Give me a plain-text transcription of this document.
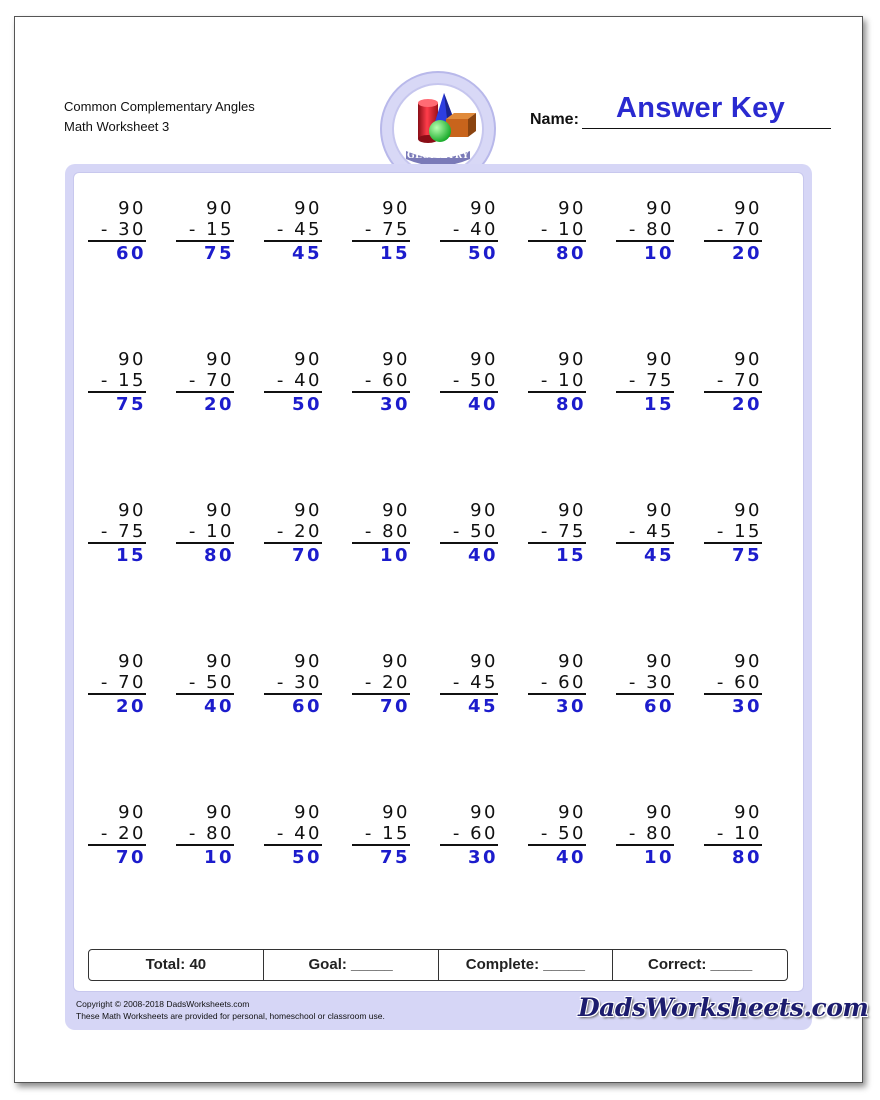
Common Complementary Angles
Math Worksheet 3
GEOMETRY
Name: Answer Key
90
- 30
60
90
- 15
75
90
- 45
45
90
- 75
15
90
- 40
50
90
- 10
80
90
- 80
10
90
- 70
20
90
- 15
75
90
- 70
20
90
- 40
50
90
- 60
30
90
- 50
40
90
- 10
80
90
- 75
15
90
- 70
20
90
- 75
15
90
- 10
80
90
- 20
70
90
- 80
10
90
- 50
40
90
- 75
15
90
- 45
45
90
- 15
75
90
- 70
20
90
- 50
40
90
- 30
60
90
- 20
70
90
- 45
45
90
- 60
30
90
- 30
60
90
- 60
30
90
- 20
70
90
- 80
10
90
- 40
50
90
- 15
75
90
- 60
30
90
- 50
40
90
- 80
10
90
- 10
80
Total: 40	Goal: _____	Complete: _____	Correct: _____
Copyright © 2008-2018 DadsWorksheets.com
These Math Worksheets are provided for personal, homeschool or classroom use.	DadsWorksheets.com
